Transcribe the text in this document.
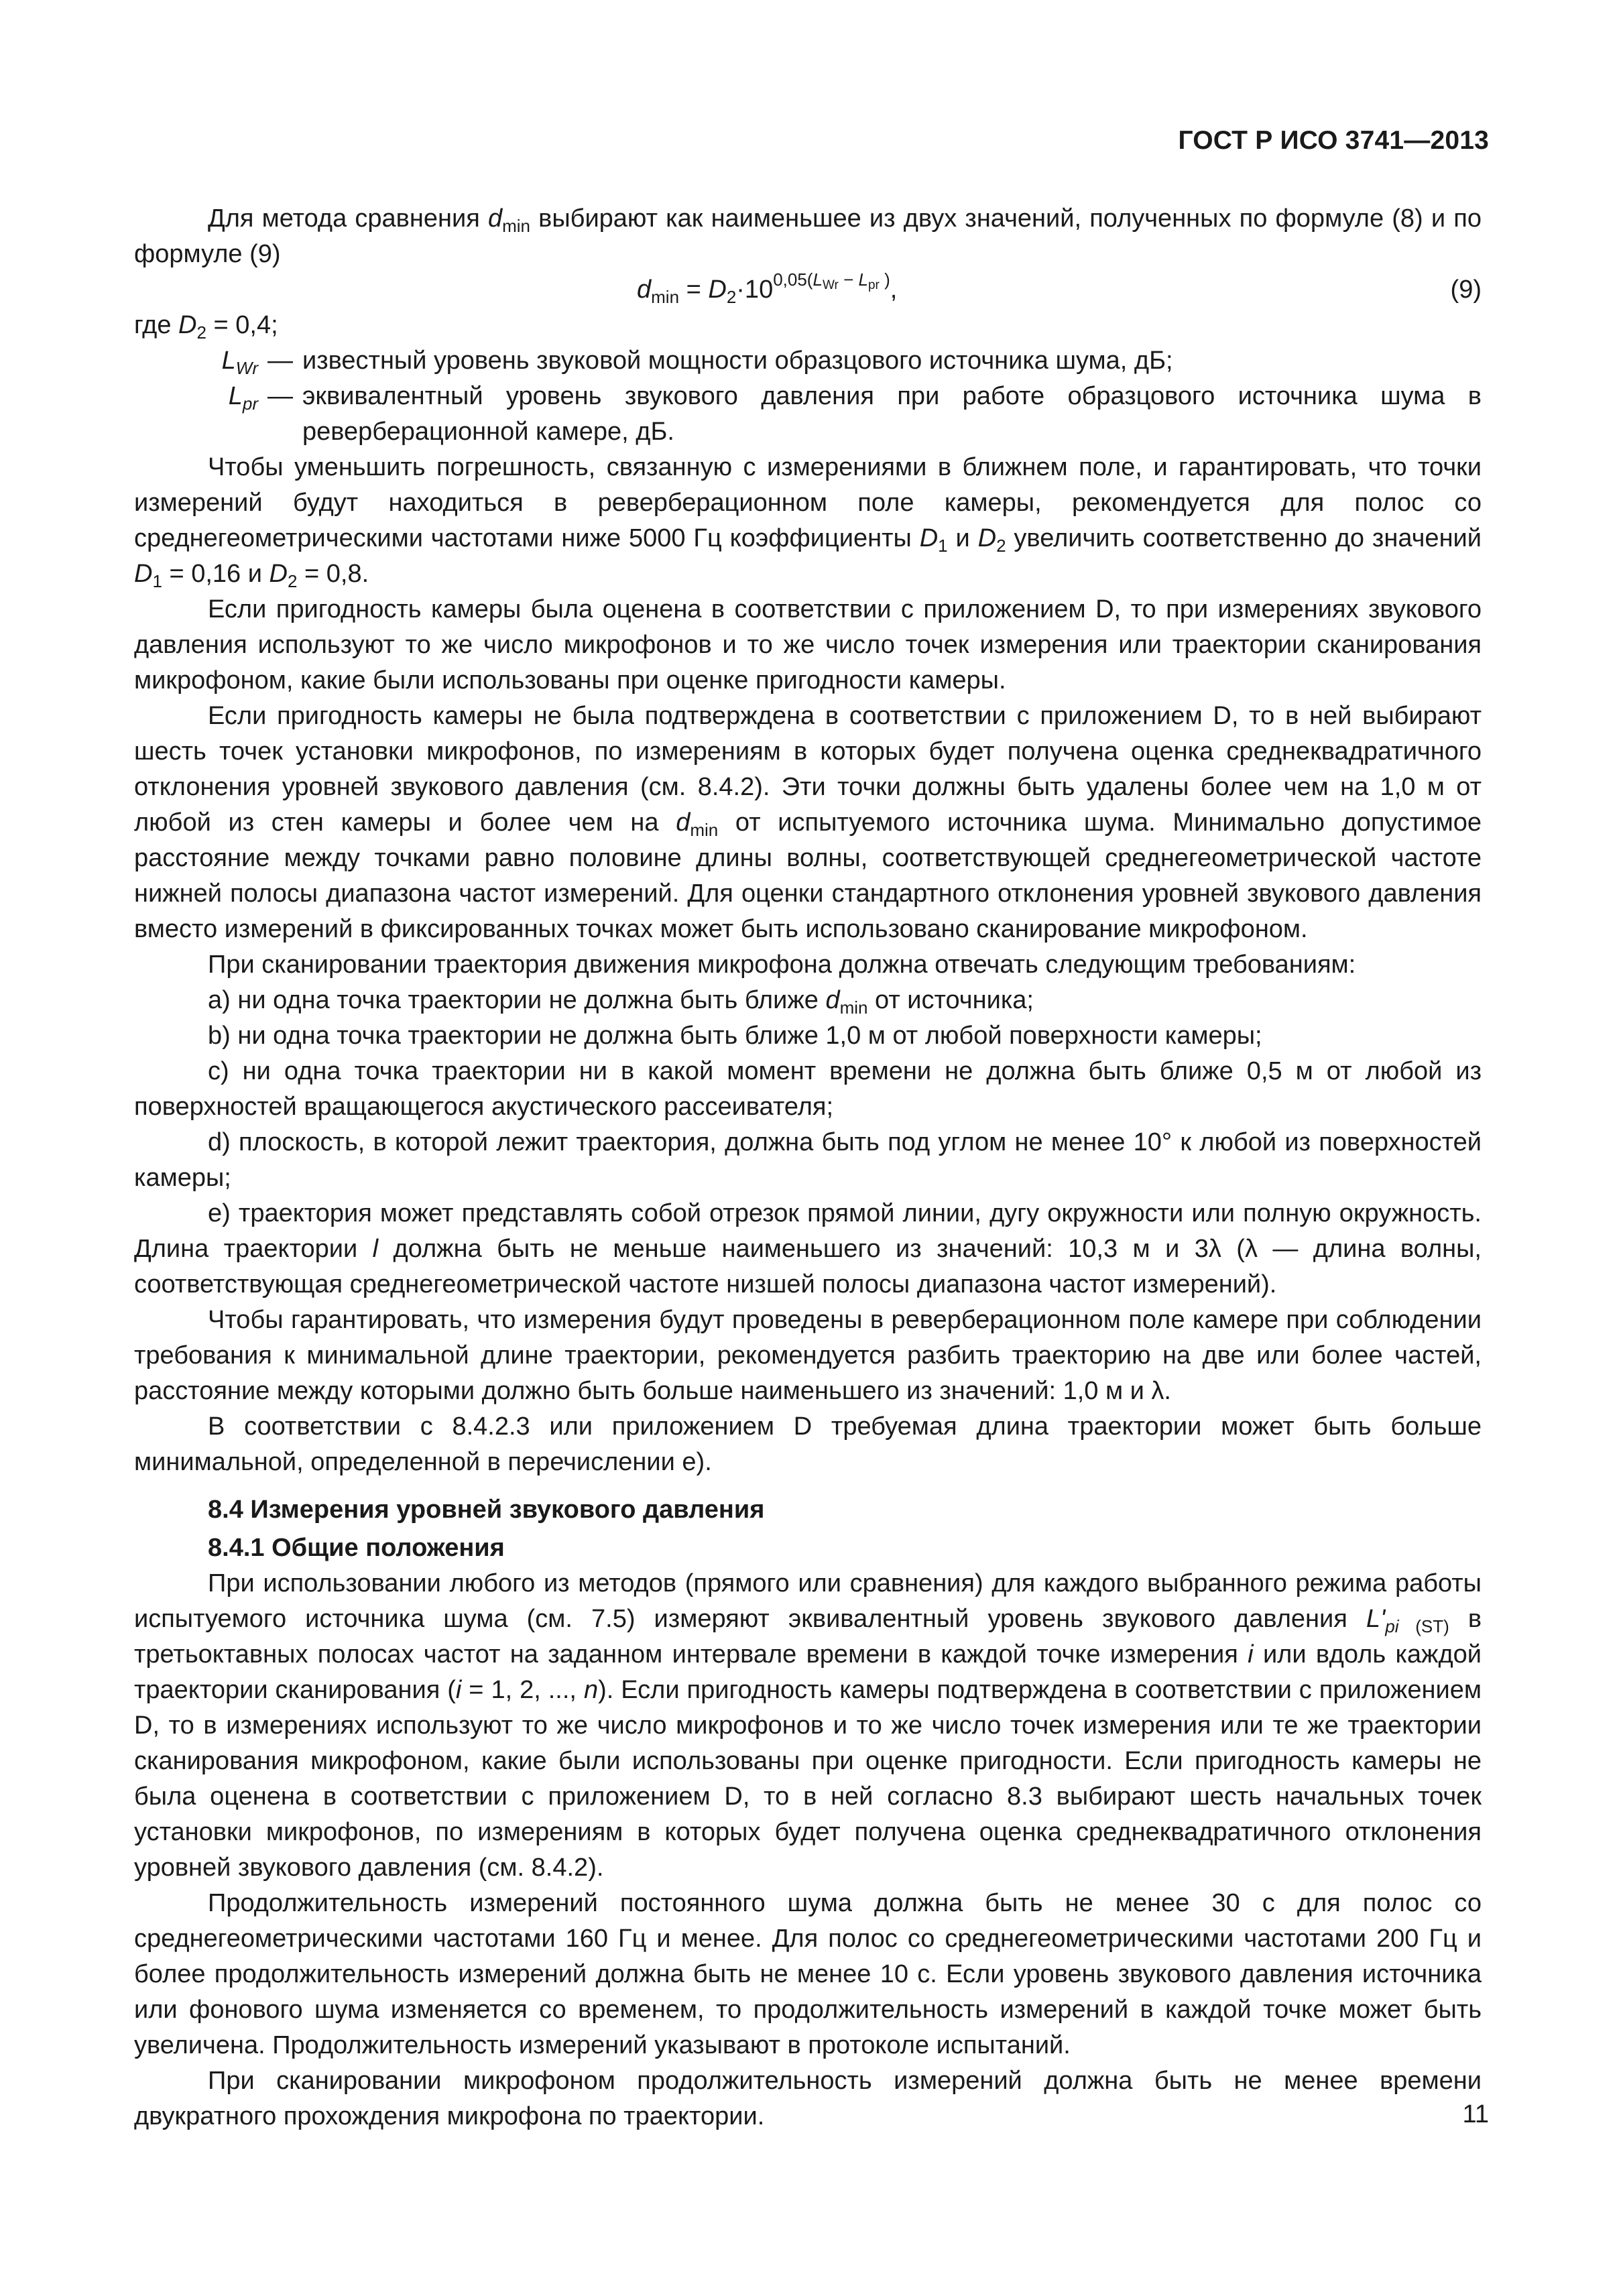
ГОСТ Р ИСО 3741—2013

Для метода сравнения $d_{min}$ выбирают как наименьшее из двух значений, полученных по формуле (8) и по формуле (9)

$d_{min} = D_2\cdot 10^{0,05(L_{Wr} - L_{pr} )}$,	(9)

где $D_2 = 0,4$;

$L_{Wr}$ — известный уровень звуковой мощности образцового источника шума, дБ;
$L_{pr}$ — эквивалентный уровень звукового давления при работе образцового источника шума в реверберационной камере, дБ.

Чтобы уменьшить погрешность, связанную с измерениями в ближнем поле, и гарантировать, что точки измерений будут находиться в реверберационном поле камеры, рекомендуется для полос со среднегеометрическими частотами ниже 5000 Гц коэффициенты $D_1$ и $D_2$ увеличить соответственно до значений $D_1 = 0,16$ и $D_2 = 0,8$.

Если пригодность камеры была оценена в соответствии с приложением D, то при измерениях звукового давления используют то же число микрофонов и то же число точек измерения или траектории сканирования микрофоном, какие были использованы при оценке пригодности камеры.

Если пригодность камеры не была подтверждена в соответствии с приложением D, то в ней выбирают шесть точек установки микрофонов, по измерениям в которых будет получена оценка среднеквадратичного отклонения уровней звукового давления (см. 8.4.2). Эти точки должны быть удалены более чем на 1,0 м от любой из стен камеры и более чем на $d_{min}$ от испытуемого источника шума. Минимально допустимое расстояние между точками равно половине длины волны, соответствующей среднегеометрической частоте нижней полосы диапазона частот измерений. Для оценки стандартного отклонения уровней звукового давления вместо измерений в фиксированных точках может быть использовано сканирование микрофоном.

При сканировании траектория движения микрофона должна отвечать следующим требованиям:

a) ни одна точка траектории не должна быть ближе $d_{min}$ от источника;

b) ни одна точка траектории не должна быть ближе 1,0 м от любой поверхности камеры;

c) ни одна точка траектории ни в какой момент времени не должна быть ближе 0,5 м от любой из поверхностей вращающегося акустического рассеивателя;

d) плоскость, в которой лежит траектория, должна быть под углом не менее 10° к любой из поверхностей камеры;

e) траектория может представлять собой отрезок прямой линии, дугу окружности или полную окружность. Длина траектории l должна быть не меньше наименьшего из значений: 10,3 м и 3λ (λ — длина волны, соответствующая среднегеометрической частоте низшей полосы диапазона частот измерений).

Чтобы гарантировать, что измерения будут проведены в реверберационном поле камере при соблюдении требования к минимальной длине траектории, рекомендуется разбить траекторию на две или более частей, расстояние между которыми должно быть больше наименьшего из значений: 1,0 м и λ.

В соответствии с 8.4.2.3 или приложением D требуемая длина траектории может быть больше минимальной, определенной в перечислении e).

8.4 Измерения уровней звукового давления

8.4.1 Общие положения

При использовании любого из методов (прямого или сравнения) для каждого выбранного режима работы испытуемого источника шума (см. 7.5) измеряют эквивалентный уровень звукового давления $L'_{pi (ST)}$ в третьоктавных полосах частот на заданном интервале времени в каждой точке измерения i или вдоль каждой траектории сканирования (i = 1, 2, ..., n). Если пригодность камеры подтверждена в соответствии с приложением D, то в измерениях используют то же число микрофонов и то же число точек измерения или те же траектории сканирования микрофоном, какие были использованы при оценке пригодности. Если пригодность камеры не была оценена в соответствии с приложением D, то в ней согласно 8.3 выбирают шесть начальных точек установки микрофонов, по измерениям в которых будет получена оценка среднеквадратичного отклонения уровней звукового давления (см. 8.4.2).

Продолжительность измерений постоянного шума должна быть не менее 30 с для полос со среднегеометрическими частотами 160 Гц и менее. Для полос со среднегеометрическими частотами 200 Гц и более продолжительность измерений должна быть не менее 10 с. Если уровень звукового давления источника или фонового шума изменяется со временем, то продолжительность измерений в каждой точке может быть увеличена. Продолжительность измерений указывают в протоколе испытаний.

При сканировании микрофоном продолжительность измерений должна быть не менее времени двукратного прохождения микрофона по траектории.	11
